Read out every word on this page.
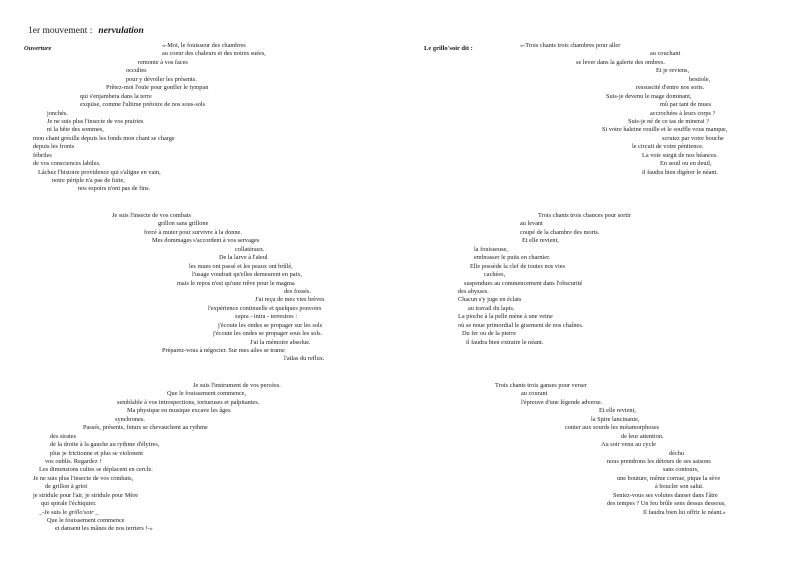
1er mouvement : nervulation
Ouverture	Le grillo'soir dit :
«-Moi, le fouisseur des chambres
au coeur des chaleurs et des noires suées,
remonte à vos faces
occultes
pour y dévoiler les présents.
Prêtez-moi l'ouïe pour gonfler le tympan
qui s'enjambera dans la terre
exquise, comme l'ultime prétoire de nos sous-sols
jonchés.
Je ne suis plus l'insecte de vos prairies
ni la bête des sommes,
mon chant grésille depuis les fonds mon chant se charge
depuis les fronts
fébriles
de vos consciences labiles.
Lâchez l'histoire providence qui s'aligne en vain,
notre périple n'a pas de fuite,
nos espoirs n'ont pas de fins.
«-Trois chants trois chambres pour aller
au couchant
se lever dans la galerie des ombres.
Et je reviens,
bestiole,
ressuscité d'entre nos sorts.
Suis-je devenu le mage dominant,
mû par tant de mues
accrochées à leurs corps ?
Suis-je né de ce tas de minerai ?
Si votre haleine rouille et le souffle vous manque,
scrutez par votre bouche
le circuit de votre pénitence.
La voie surgit de nos béances.
En seuil ou en deuil,
il faudra bien digérer le néant.
Je suis l'insecte de vos combats
grillon sans grillone
forcé à muter pour survivre à la donne.
Mes dommages s'accordent à vos servages
collatéraux.
De la larve à l'aïeul
les mues ont passé et les peaux ont brûlé,
l'usage voudrait qu'elles demeurent en paix,
mais le repos n'est qu'une trêve pour le magma
des fossés.
J'ai reçu de mes vies brèves
l'expérience continuelle et quelques pouvoirs
supra - intra - terrestres :
j'écoute les ondes se propager sur les sols
j'écoute les ondes se propager sous les sols.
J'ai la mémoire absolue.
Préparez-vous à négocier. Sur mes ailes se trame
l'atlas du reflux.
Trois chants trois chances pour sortir
au levant
coupé de la chambre des morts.
Et elle revient,
la fouisseuse,
embrasser le puits en charnier.
Elle possède la clef de toutes nos vies
cachées,
suspendues au commencement dans l'obscurité
des abysses.
Chacun s'y juge en éclats
au travail du lapis.
La pioche à la pelle mène à une veine
où se noue primordial le gisement de nos chaînes.
Du fer ou de la pierre
il faudra bien extraire le néant.
Je suis l'instrument de vos percées.
Que le fouissement commence,
semblable à vos introspections, tortueuses et palpitantes.
Ma physique en musique excave les âges
synchrones.
Passés, présents, futurs se chevauchent au rythme
des strates
de la droite à la gauche au rythme d'élytres,
plus je frictionne et plus se violonent
vos oublis. Regardez !
Les dimensions cultes se déplacent en cercle.
Je ne suis plus l'insecte de vos combats,
de grillon à griot
je stridule pour l'air, je stridule pour Mère
qui spirale l'échiquier.
_-Je suis le grillo'soir _
Que le fouissement commence
et dansent les mânes de nos terriers !-»
Trois chants trois ganses pour verser
au courant
l'épreuve d'une légende adverse.
Et elle revient,
la Spire lancinante,
conter aux sourds les métamorphoses
de leur attention.
Au soir venu au cycle
déchu
nous prendrons les détours de ses saisons
sans contours,
une bouture, même cornue, pique la sève
à boucler son salut.
Sentez-vous ses volutes danser dans l'âtre
des tempes ? Un feu brûle sens dessus dessous,
Il faudra bien lui offrir le néant.»
